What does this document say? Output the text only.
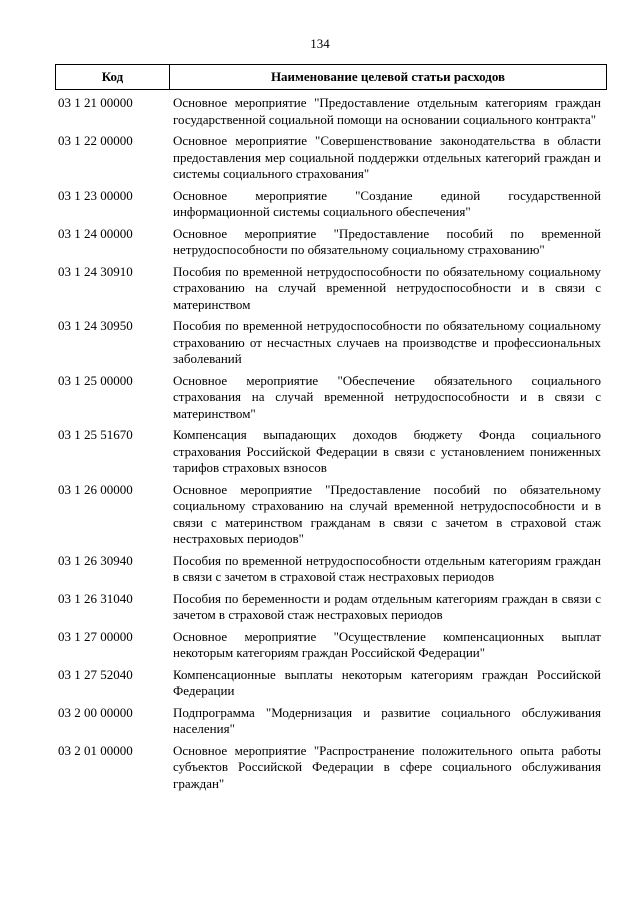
134
Код	Наименование целевой статьи расходов
03 1 21 00000	Основное мероприятие "Предоставление отдельным категориям граждан государственной социальной помощи на основании социального контракта"
03 1 22 00000	Основное мероприятие "Совершенствование законодательства в области предоставления мер социальной поддержки отдельных категорий граждан и системы социального страхования"
03 1 23 00000	Основное мероприятие "Создание единой государственной информационной системы социального обеспечения"
03 1 24 00000	Основное мероприятие "Предоставление пособий по временной нетрудоспособности по обязательному социальному страхованию"
03 1 24 30910	Пособия по временной нетрудоспособности по обязательному социальному страхованию на случай временной нетрудоспособности и в связи с материнством
03 1 24 30950	Пособия по временной нетрудоспособности по обязательному социальному страхованию от несчастных случаев на производстве и профессиональных заболеваний
03 1 25 00000	Основное мероприятие "Обеспечение обязательного социального страхования на случай временной нетрудоспособности и в связи с материнством"
03 1 25 51670	Компенсация выпадающих доходов бюджету Фонда социального страхования Российской Федерации в связи с установлением пониженных тарифов страховых взносов
03 1 26 00000	Основное мероприятие "Предоставление пособий по обязательному социальному страхованию на случай временной нетрудоспособности и в связи с материнством гражданам в связи с зачетом в страховой стаж нестраховых периодов"
03 1 26 30940	Пособия по временной нетрудоспособности отдельным категориям граждан в связи с зачетом в страховой стаж нестраховых периодов
03 1 26 31040	Пособия по беременности и родам отдельным категориям граждан в связи с зачетом в страховой стаж нестраховых периодов
03 1 27 00000	Основное мероприятие "Осуществление компенсационных выплат некоторым категориям граждан Российской Федерации"
03 1 27 52040	Компенсационные выплаты некоторым категориям граждан Российской Федерации
03 2 00 00000	Подпрограмма "Модернизация и развитие социального обслуживания населения"
03 2 01 00000	Основное мероприятие "Распространение положительного опыта работы субъектов Российской Федерации в сфере социального обслуживания граждан"
